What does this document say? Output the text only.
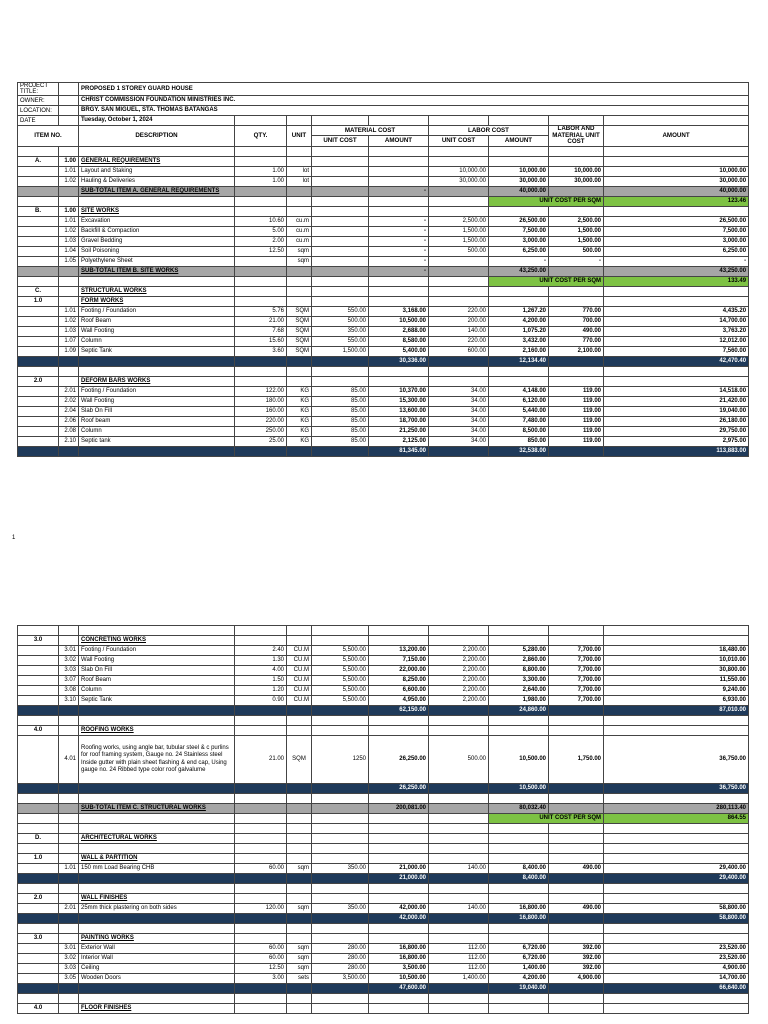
PROJECT TITLE:		PROPOSED 1 STOREY GUARD HOUSE								
OWNER:		CHRIST COMMISSION FOUNDATION MINISTRIES INC.								
LOCATION:		BRGY. SAN MIGUEL, STA. THOMAS BATANGAS								
DATE		Tuesday, October 1, 2024								
ITEM NO.		DESCRIPTION	QTY.	UNIT	MATERIAL COST		LABOR COST		LABOR AND MATERIAL UNIT COST	AMOUNT
					UNIT COST	AMOUNT	UNIT COST	AMOUNT		

A.	1.00	GENERAL REQUIREMENTS								
	1.01	Layout and Staking	1.00	lot			10,000.00	10,000.00	10,000.00	10,000.00
	1.02	Hauling & Deliveries	1.00	lot			30,000.00	30,000.00	30,000.00	30,000.00
		SUB-TOTAL ITEM A. GENERAL REQUIREMENTS				-		40,000.00		40,000.00
								UNIT COST PER SQM		123.46
B.	1.00	SITE WORKS								
	1.01	Excavation	10.60	cu.m		-	2,500.00	26,500.00	2,500.00	26,500.00
	1.02	Backfill & Compaction	5.00	cu.m		-	1,500.00	7,500.00	1,500.00	7,500.00
	1.03	Gravel Bedding	2.00	cu.m		-	1,500.00	3,000.00	1,500.00	3,000.00
	1.04	Soil Poisoning	12.50	sqm		-	500.00	6,250.00	500.00	6,250.00
	1.05	Polyethylene Sheet		sqm		-		-	-	-
		SUB-TOTAL ITEM B. SITE WORKS				-		43,250.00		43,250.00
								UNIT COST PER SQM		133.49
C.		STRUCTURAL WORKS								
1.0		FORM WORKS								
	1.01	Footing / Foundation	5.76	SQM	550.00	3,168.00	220.00	1,267.20	770.00	4,435.20
	1.02	Roof Beam	21.00	SQM	500.00	10,500.00	200.00	4,200.00	700.00	14,700.00
	1.03	Wall Footing	7.68	SQM	350.00	2,688.00	140.00	1,075.20	490.00	3,763.20
	1.07	Column	15.60	SQM	550.00	8,580.00	220.00	3,432.00	770.00	12,012.00
	1.09	Septic Tank	3.60	SQM	1,500.00	5,400.00	600.00	2,160.00	2,100.00	7,560.00
						30,336.00		12,134.40		42,470.40

2.0		DEFORM BARS WORKS								
	2.01	Footing / Foundation	122.00	KG	85.00	10,370.00	34.00	4,148.00	119.00	14,518.00
	2.02	Wall Footing	180.00	KG	85.00	15,300.00	34.00	6,120.00	119.00	21,420.00
	2.04	Slab On Fill	160.00	KG	85.00	13,600.00	34.00	5,440.00	119.00	19,040.00
	2.06	Roof beam	220.00	KG	85.00	18,700.00	34.00	7,480.00	119.00	26,180.00
	2.08	Column	250.00	KG	85.00	21,250.00	34.00	8,500.00	119.00	29,750.00
	2.10	Septic tank	25.00	KG	85.00	2,125.00	34.00	850.00	119.00	2,975.00
						81,345.00		32,538.00		113,883.00
1

3.0		CONCRETING WORKS								
	3.01	Footing / Foundation	2.40	CU.M	5,500.00	13,200.00	2,200.00	5,280.00	7,700.00	18,480.00
	3.02	Wall Footing	1.30	CU.M	5,500.00	7,150.00	2,200.00	2,860.00	7,700.00	10,010.00
	3.03	Slab On Fill	4.00	CU.M	5,500.00	22,000.00	2,200.00	8,800.00	7,700.00	30,800.00
	3.07	Roof Beam	1.50	CU.M	5,500.00	8,250.00	2,200.00	3,300.00	7,700.00	11,550.00
	3.08	Column	1.20	CU.M	5,500.00	6,600.00	2,200.00	2,640.00	7,700.00	9,240.00
	3.10	Septic Tank	0.90	CU.M	5,500.00	4,950.00	2,200.00	1,980.00	7,700.00	6,930.00
						62,150.00		24,860.00		87,010.00

4.0		ROOFING WORKS								
	4.01	Roofing works, using angle bar, tubular steel & c purlins for roof framing system, Gauge no. 24 Stainless steel Inside gutter with plain sheet flashing & end cap, Using gauge no. 24 Ribbed type color roof galvalume	21.00	SQM	1250	26,250.00	500.00	10,500.00	1,750.00	36,750.00
						26,250.00		10,500.00		36,750.00

		SUB-TOTAL ITEM C. STRUCTURAL WORKS				200,081.00		80,032.40		280,113.40
								UNIT COST PER SQM		864.55

D.		ARCHITECTURAL WORKS								

1.0		WALL & PARTITION								
	1.01	150 mm Load Bearing CHB	60.00	sqm	350.00	21,000.00	140.00	8,400.00	490.00	29,400.00
						21,000.00		8,400.00		29,400.00

2.0		WALL FINISHES								
	2.01	25mm thick plastering on both sides	120.00	sqm	350.00	42,000.00	140.00	16,800.00	490.00	58,800.00
						42,000.00		16,800.00		58,800.00

3.0		PAINTING WORKS								
	3.01	Exterior Wall	60.00	sqm	280.00	16,800.00	112.00	6,720.00	392.00	23,520.00
	3.02	Interior Wall	60.00	sqm	280.00	16,800.00	112.00	6,720.00	392.00	23,520.00
	3.03	Ceiling	12.50	sqm	280.00	3,500.00	112.00	1,400.00	392.00	4,900.00
	3.05	Wooden Doors	3.00	sets	3,500.00	10,500.00	1,400.00	4,200.00	4,900.00	14,700.00
						47,600.00		19,040.00		66,640.00

4.0		FLOOR FINISHES								
